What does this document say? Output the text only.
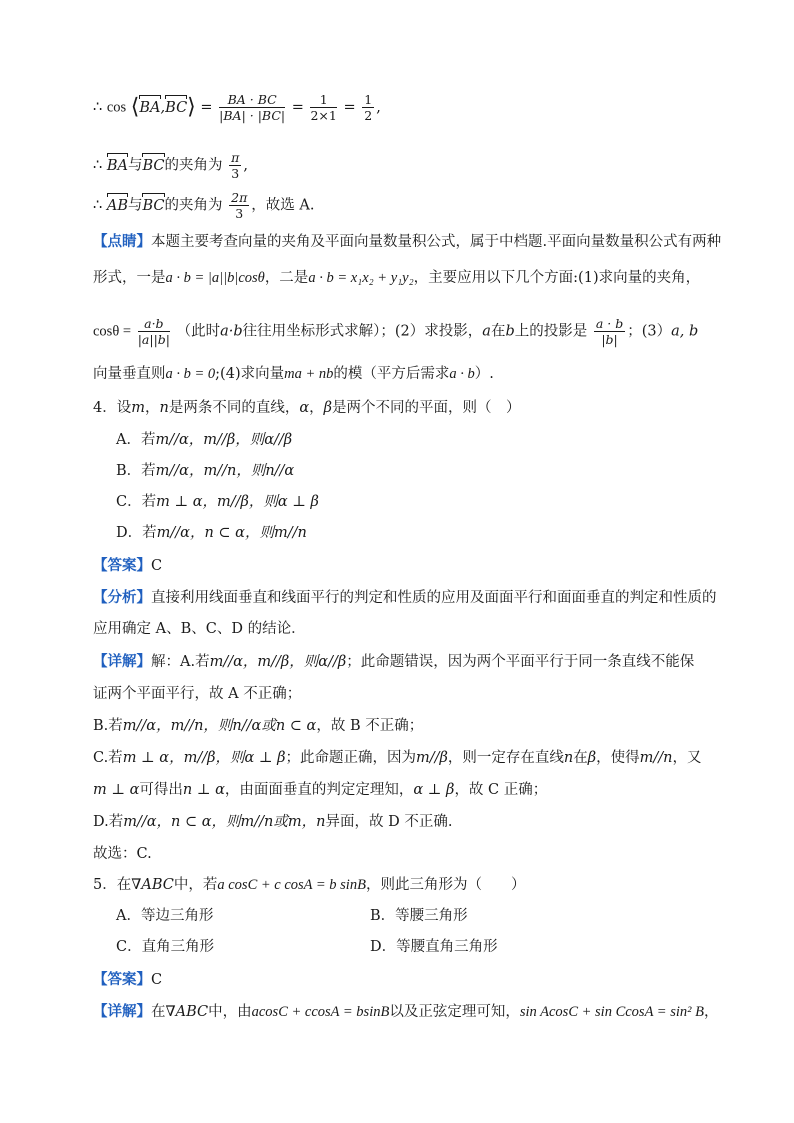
∴ cos ⟨BA,BC⟩ = $\frac{BA \cdot BC}{|BA| \cdot |BC|} = \frac{1}{2\times 1} = \frac{1}{2}$ ,
∴ BA与BC的夹角为 $\frac{\pi}{3}$ ,
∴ AB与BC的夹角为 $\frac{2\pi}{3}$ ，故选 A.
【点睛】本题主要考查向量的夹角及平面向量数量积公式，属于中档题.平面向量数量积公式有两种
形式，一是a · b = |a||b|cosθ，二是a · b = x₁x₂ + y₁y₂，主要应用以下几个方面:(1)求向量的夹角，
$\cos\theta = \frac{a\cdot b}{|a||b|}$ （此时a·b往往用坐标形式求解）；(2）求投影，a在b上的投影是 $\frac{a \cdot b}{|b|}$ ；(3）a, b
向量垂直则a · b = 0;(4)求向量ma + nb的模（平方后需求a · b）.
4．设m，n是两条不同的直线，α，β是两个不同的平面，则（　）
A．若m//α，m//β，则α//β
B．若m//α，m//n，则n//α
C．若m ⊥ α，m//β，则α ⊥ β
D．若m//α，n ⊂ α，则m//n
【答案】C
【分析】直接利用线面垂直和线面平行的判定和性质的应用及面面平行和面面垂直的判定和性质的
应用确定 A、B、C、D 的结论．
【详解】解：A.若m//α，m//β，则α//β；此命题错误，因为两个平面平行于同一条直线不能保
证两个平面平行，故 A 不正确；
B.若m//α，m//n，则n//α或n ⊂ α，故 B 不正确；
C.若m ⊥ α，m//β，则α ⊥ β；此命题正确，因为m//β，则一定存在直线n在β，使得m//n，又
m ⊥ α可得出n ⊥ α，由面面垂直的判定定理知，α ⊥ β，故 C 正确；
D.若m//α，n ⊂ α，则m//n或m，n异面，故 D 不正确.
故选：C.
5．在∇ABC中，若a cosC + c cosA = b sinB，则此三角形为（　　）
A．等边三角形	B．等腰三角形
C．直角三角形	D．等腰直角三角形
【答案】C
【详解】在∇ABC中，由acosC + ccosA = bsinB以及正弦定理可知，sin AcosC + sin CcosA = sin² B，
